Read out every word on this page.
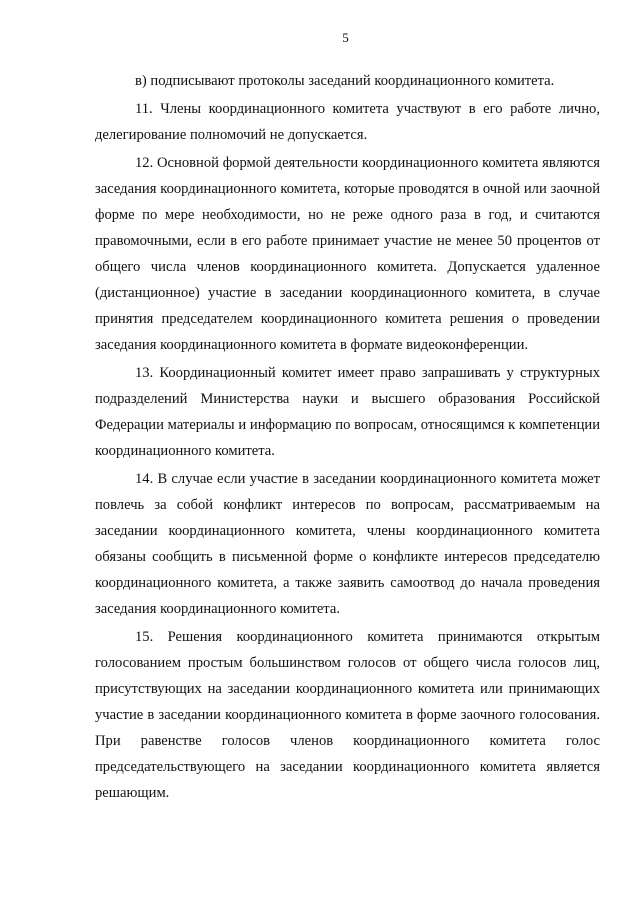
5

в) подписывают протоколы заседаний координационного комитета.

11. Члены координационного комитета участвуют в его работе лично, делегирование полномочий не допускается.

12. Основной формой деятельности координационного комитета являются заседания координационного комитета, которые проводятся в очной или заочной форме по мере необходимости, но не реже одного раза в год, и считаются правомочными, если в его работе принимает участие не менее 50 процентов от общего числа членов координационного комитета. Допускается удаленное (дистанционное) участие в заседании координационного комитета, в случае принятия председателем координационного комитета решения о проведении заседания координационного комитета в формате видеоконференции.

13. Координационный комитет имеет право запрашивать у структурных подразделений Министерства науки и высшего образования Российской Федерации материалы и информацию по вопросам, относящимся к компетенции координационного комитета.

14. В случае если участие в заседании координационного комитета может повлечь за собой конфликт интересов по вопросам, рассматриваемым на заседании координационного комитета, члены координационного комитета обязаны сообщить в письменной форме о конфликте интересов председателю координационного комитета, а также заявить самоотвод до начала проведения заседания координационного комитета.

15. Решения координационного комитета принимаются открытым голосованием простым большинством голосов от общего числа голосов лиц, присутствующих на заседании координационного комитета или принимающих участие в заседании координационного комитета в форме заочного голосования. При равенстве голосов членов координационного комитета голос председательствующего на заседании координационного комитета является решающим.
